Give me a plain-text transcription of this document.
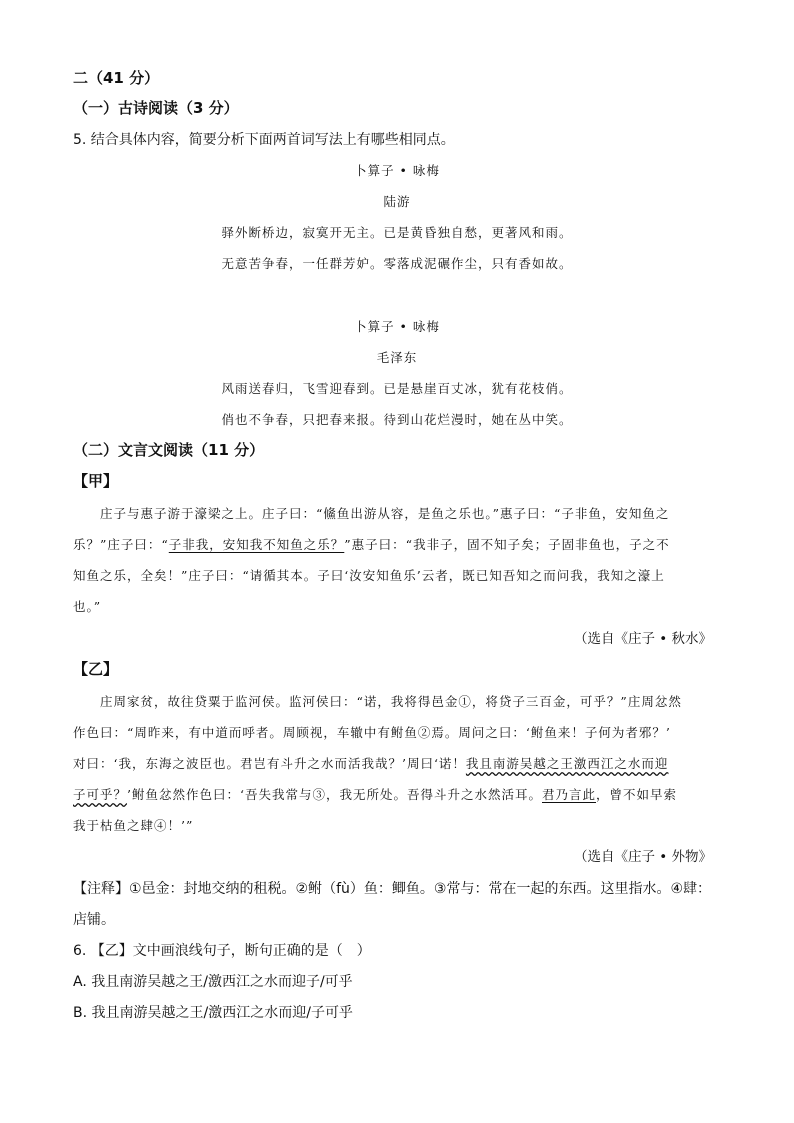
二（41 分）
（一）古诗阅读（3 分）
5. 结合具体内容，简要分析下面两首词写法上有哪些相同点。
卜算子 • 咏梅
陆游
驿外断桥边，寂寞开无主。已是黄昏独自愁，更著风和雨。
无意苦争春，一任群芳妒。零落成泥碾作尘，只有香如故。
卜算子 • 咏梅
毛泽东
风雨送春归，飞雪迎春到。已是悬崖百丈冰，犹有花枝俏。
俏也不争春，只把春来报。待到山花烂漫时，她在丛中笑。
（二）文言文阅读（11 分）
【甲】
庄子与惠子游于濠梁之上。庄子曰：“鯈鱼出游从容，是鱼之乐也。”惠子曰：“子非鱼，安知鱼之
乐？”庄子曰：“子非我，安知我不知鱼之乐？”惠子曰：“我非子，固不知子矣；子固非鱼也，子之不
知鱼之乐，全矣！”庄子曰：“请循其本。子曰‘汝安知鱼乐’云者，既已知吾知之而问我，我知之濠上
也。”
（选自《庄子 • 秋水》
【乙】
庄周家贫，故往贷粟于监河侯。监河侯曰：“诺，我将得邑金①，将贷子三百金，可乎？”庄周忿然
作色曰：“周昨来，有中道而呼者。周顾视，车辙中有鲋鱼②焉。周问之曰：‘鲋鱼来！子何为者邪？’
对曰：‘我，东海之波臣也。君岂有斗升之水而活我哉？’周曰‘诺！我且南游吴越之王激西江之水而迎
子可乎？’鲋鱼忿然作色曰：‘吾失我常与③，我无所处。吾得斗升之水然活耳。君乃言此，曾不如早索
我于枯鱼之肆④！’”
（选自《庄子 • 外物》
【注释】①邑金：封地交纳的租税。②鲋（fù）鱼：鲫鱼。③常与：常在一起的东西。这里指水。④肆：
店铺。
6. 【乙】文中画浪线句子，断句正确的是（　）
A. 我且南游吴越之王/激西江之水而迎子/可乎
B. 我且南游吴越之王/激西江之水而迎/子可乎
